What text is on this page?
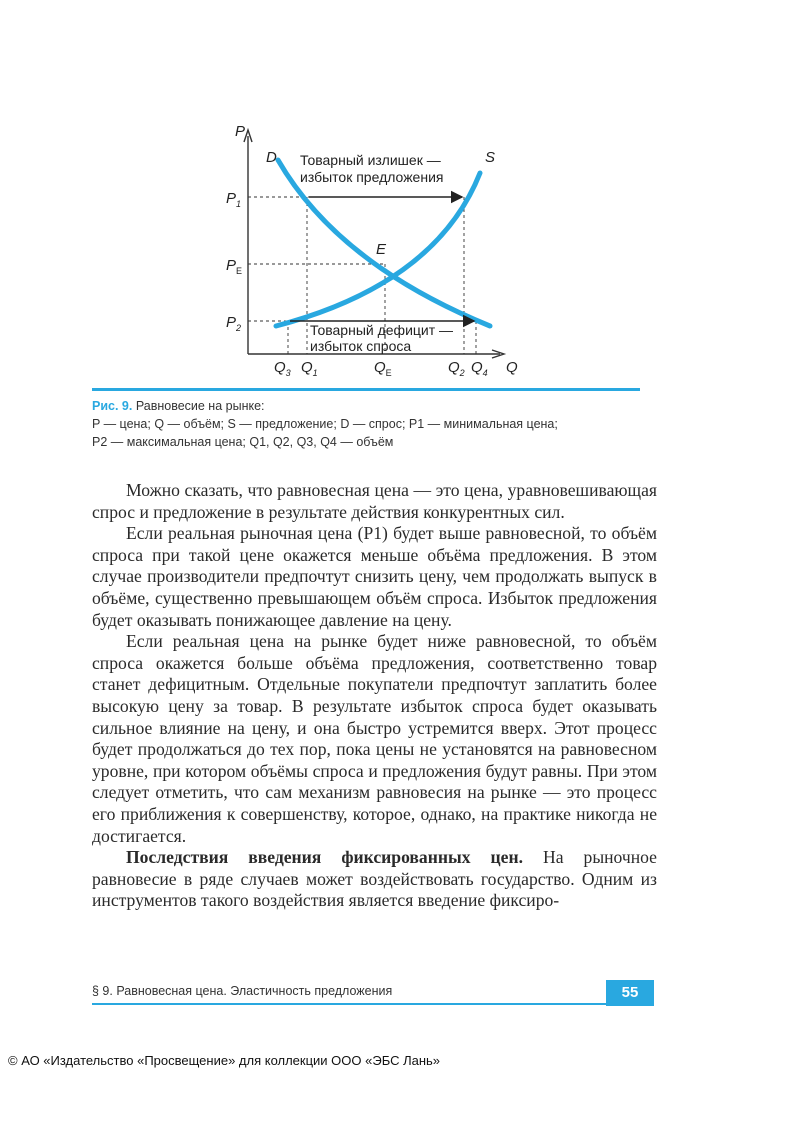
P
Q
D	S
E
Товарный излишек —
избыток предложения
Товарный дефицит —
избыток спроса
$P_1$
$P_E$
$P_2$
$Q_3$ $Q_1$	$Q_E$	$Q_2$ $Q_4$
Рис. 9. Равновесие на рынке:
P — цена; Q — объём; S — предложение; D — спрос; P1 — минимальная цена;
P2 — максимальная цена; Q1, Q2, Q3, Q4 — объём

Можно сказать, что равновесная цена — это цена, уравновешивающая спрос и предложение в результате действия конкурентных сил.

Если реальная рыночная цена (P1) будет выше равновесной, то объём спроса при такой цене окажется меньше объёма предложения. В этом случае производители предпочтут снизить цену, чем продолжать выпуск в объёме, существенно превышающем объём спроса. Избыток предложения будет оказывать понижающее давление на цену.

Если реальная цена на рынке будет ниже равновесной, то объём спроса окажется больше объёма предложения, соответственно товар станет дефицитным. Отдельные покупатели предпочтут заплатить более высокую цену за товар. В результате избыток спроса будет оказывать сильное влияние на цену, и она быстро устремится вверх. Этот процесс будет продолжаться до тех пор, пока цены не установятся на равновесном уровне, при котором объёмы спроса и предложения будут равны. При этом следует отметить, что сам механизм равновесия на рынке — это процесс его приближения к совершенству, которое, однако, на практике никогда не достигается.

Последствия введения фиксированных цен. На рыночное равновесие в ряде случаев может воздействовать государство. Одним из инструментов такого воздействия является введение фиксиро-

§ 9. Равновесная цена. Эластичность предложения	55
© АО «Издательство «Просвещение» для коллекции ООО «ЭБС Лань»
